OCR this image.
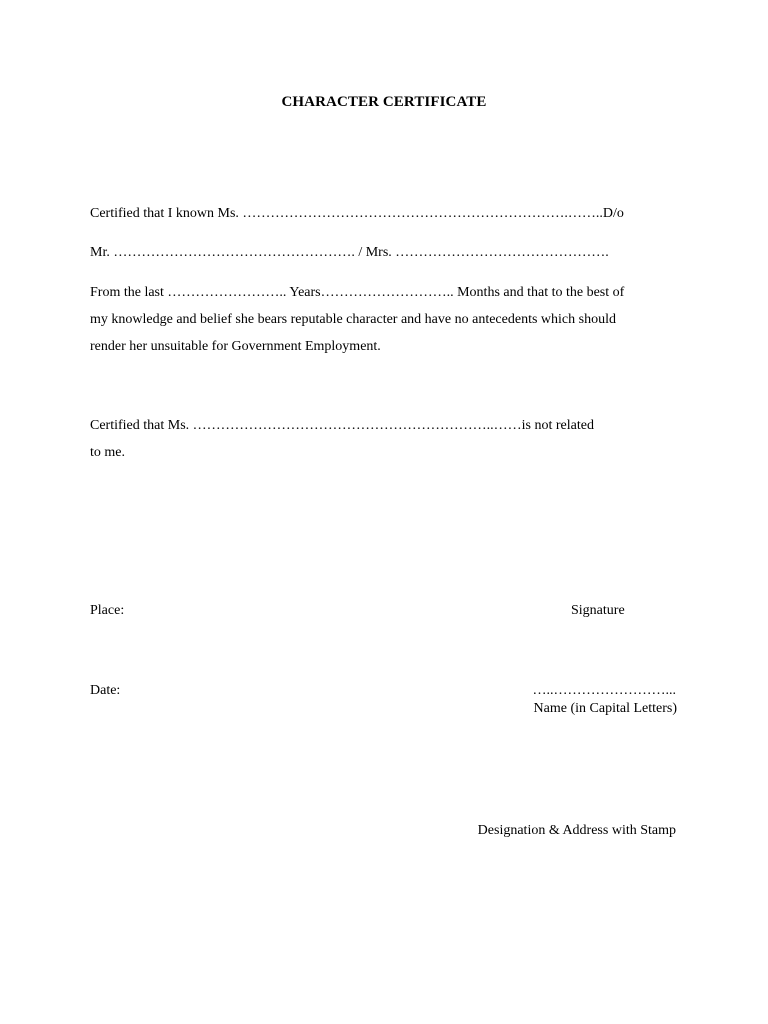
CHARACTER CERTIFICATE
Certified that I known Ms. …………………………………………………………….……..D/o
Mr. ……………………………………………. / Mrs. ……………………………………….
From the last …………………….. Years……………………….. Months and that to the best of
my knowledge and belief she bears reputable character and have no antecedents which should
render her unsuitable for Government Employment.
Certified that Ms. ………………………………………………………..……is not related
to me.
Place:	Signature
Date:	…..……………………...
Name (in Capital Letters)
Designation & Address with Stamp
